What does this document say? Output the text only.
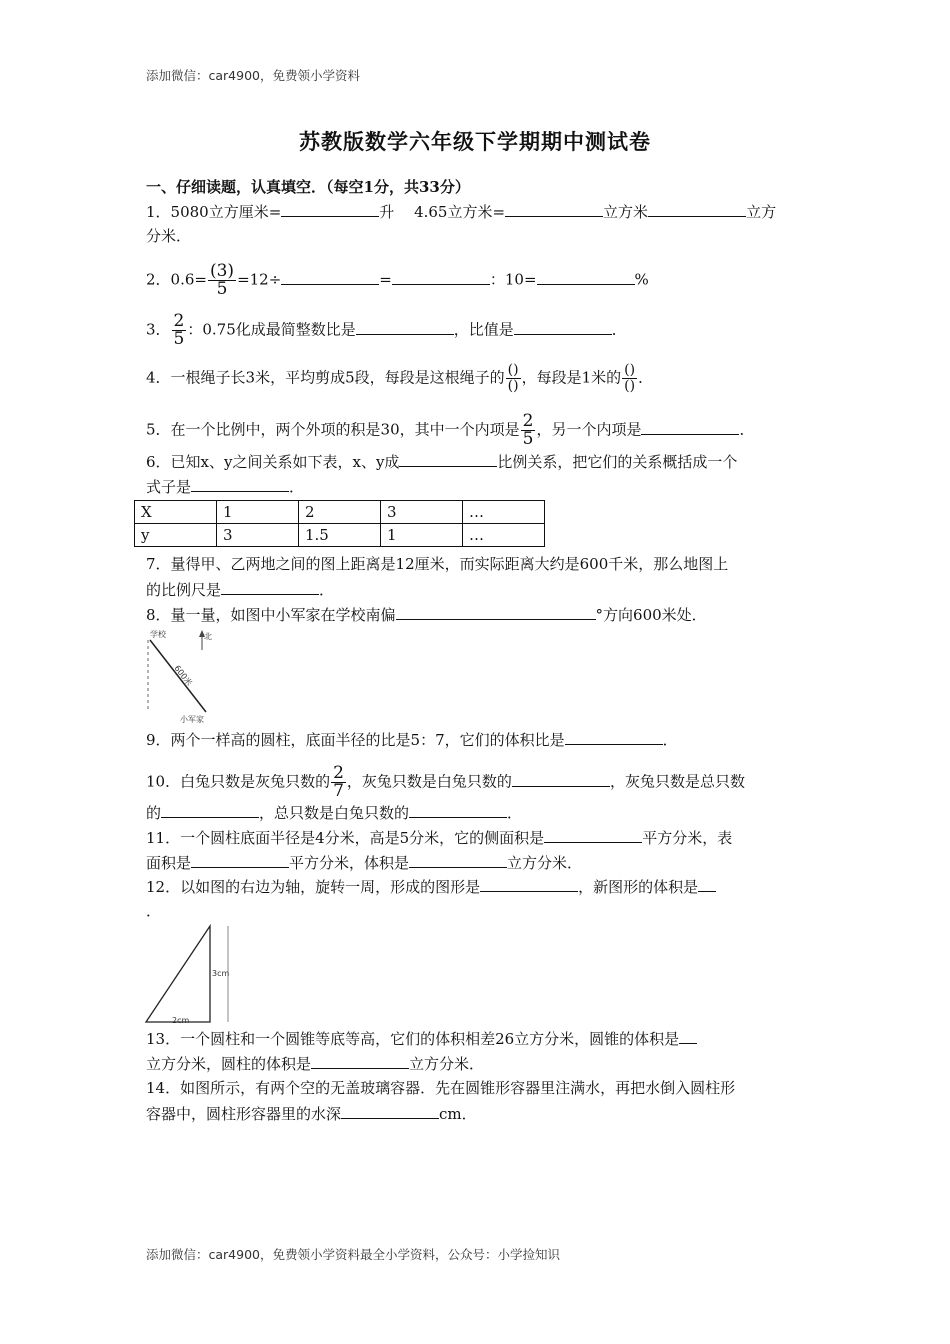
添加微信：car4900，免费领小学资料
苏教版数学六年级下学期期中测试卷
一、仔细读题，认真填空．（每空1分，共33分）
1．5080立方厘米=	升　 4.65立方米=	立方米	立方
分米．
2．$0.6= \frac{(3)}{5} =12\div$	=	：10=	%
3． $\frac{2}{5}$ ：0.75化成最简整数比是	，比值是	．
4．一根绳子长3米，平均剪成5段，每段是这根绳子的 $\frac{()}{()}$ ，每段是1米的 $\frac{()}{()}$ ．
5．在一个比例中，两个外项的积是30，其中一个内项是 $\frac{2}{5}$ ，另一个内项是	．
6．已知x、y之间关系如下表，x、y成	比例关系，把它们的关系概括成一个
式子是	．
X	1	2	3	…
y	3	1.5	1	…
7．量得甲、乙两地之间的图上距离是12厘米，而实际距离大约是600千米，那么地图上
的比例尺是	．
8．量一量，如图中小军家在学校南偏	°方向600米处．
学校	北
600米
小军家
9．两个一样高的圆柱，底面半径的比是5：7，它们的体积比是	．
10．白兔只数是灰兔只数的 $\frac{2}{7}$ ，灰兔只数是白兔只数的	，灰兔只数是总只数
的	，总只数是白兔只数的	．
11．一个圆柱底面半径是4分米，高是5分米，它的侧面积是	平方分米，表
面积是	平方分米，体积是	立方分米．
12．以如图的右边为轴，旋转一周，形成的图形是	，新图形的体积是
．
3cm
2cm
13．一个圆柱和一个圆锥等底等高，它们的体积相差26立方分米，圆锥的体积是
立方分米，圆柱的体积是	立方分米．
14．如图所示，有两个空的无盖玻璃容器．先在圆锥形容器里注满水，再把水倒入圆柱形
容器中，圆柱形容器里的水深	cm．
添加微信：car4900，免费领小学资料最全小学资料，公众号：小学捡知识
